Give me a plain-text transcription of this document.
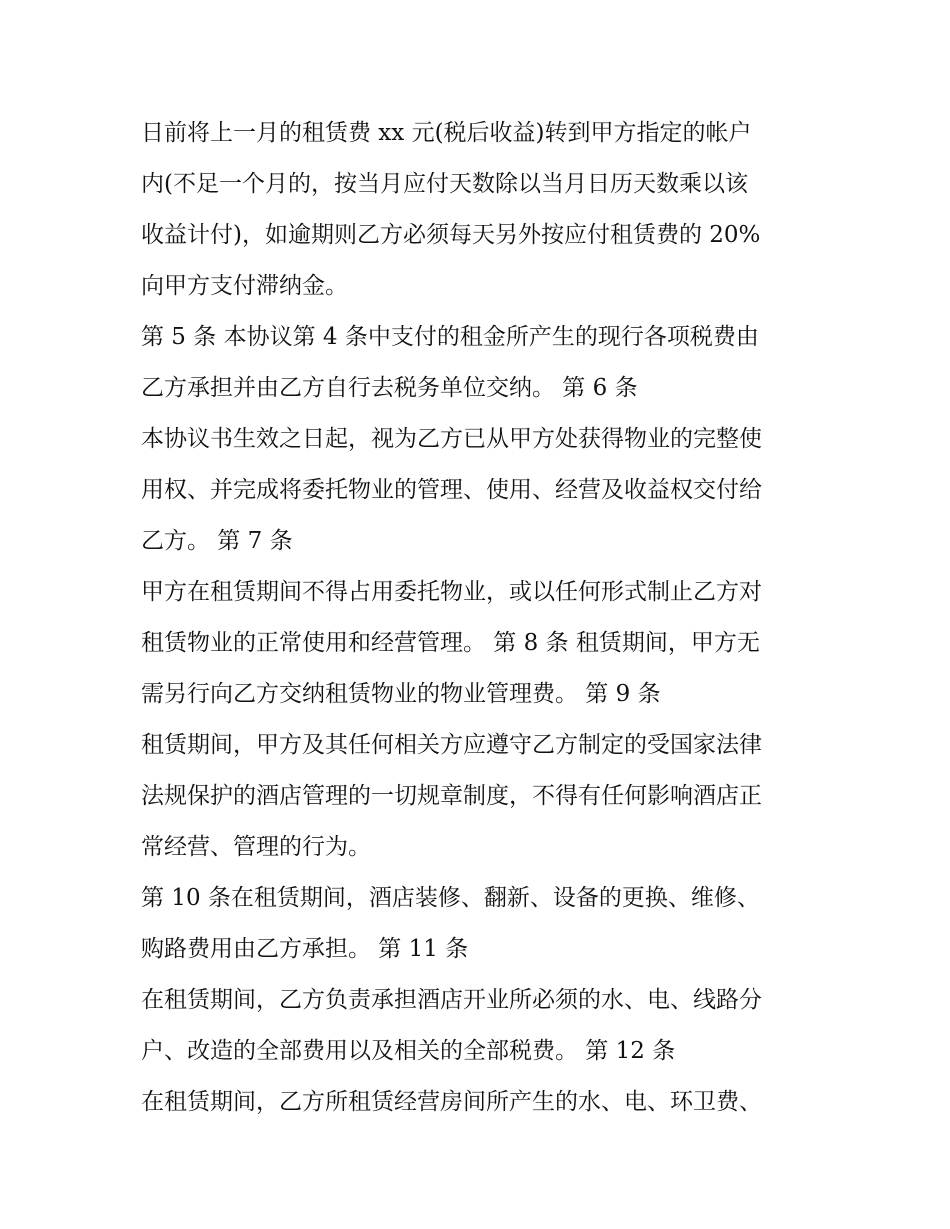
日前将上一月的租赁费 xx 元(税后收益)转到甲方指定的帐户
内(不足一个月的，按当月应付天数除以当月日历天数乘以该
收益计付)，如逾期则乙方必须每天另外按应付租赁费的 20%
向甲方支付滞纳金。
第 5 条 本协议第 4 条中支付的租金所产生的现行各项税费由
乙方承担并由乙方自行去税务单位交纳。 第 6 条
本协议书生效之日起，视为乙方已从甲方处获得物业的完整使
用权、并完成将委托物业的管理、使用、经营及收益权交付给
乙方。 第 7 条
甲方在租赁期间不得占用委托物业，或以任何形式制止乙方对
租赁物业的正常使用和经营管理。 第 8 条 租赁期间，甲方无
需另行向乙方交纳租赁物业的物业管理费。 第 9 条
租赁期间，甲方及其任何相关方应遵守乙方制定的受国家法律
法规保护的酒店管理的一切规章制度，不得有任何影响酒店正
常经营、管理的行为。
第 10 条在租赁期间，酒店装修、翻新、设备的更换、维修、
购路费用由乙方承担。 第 11 条
在租赁期间，乙方负责承担酒店开业所必须的水、电、线路分
户、改造的全部费用以及相关的全部税费。 第 12 条
在租赁期间，乙方所租赁经营房间所产生的水、电、环卫费、
